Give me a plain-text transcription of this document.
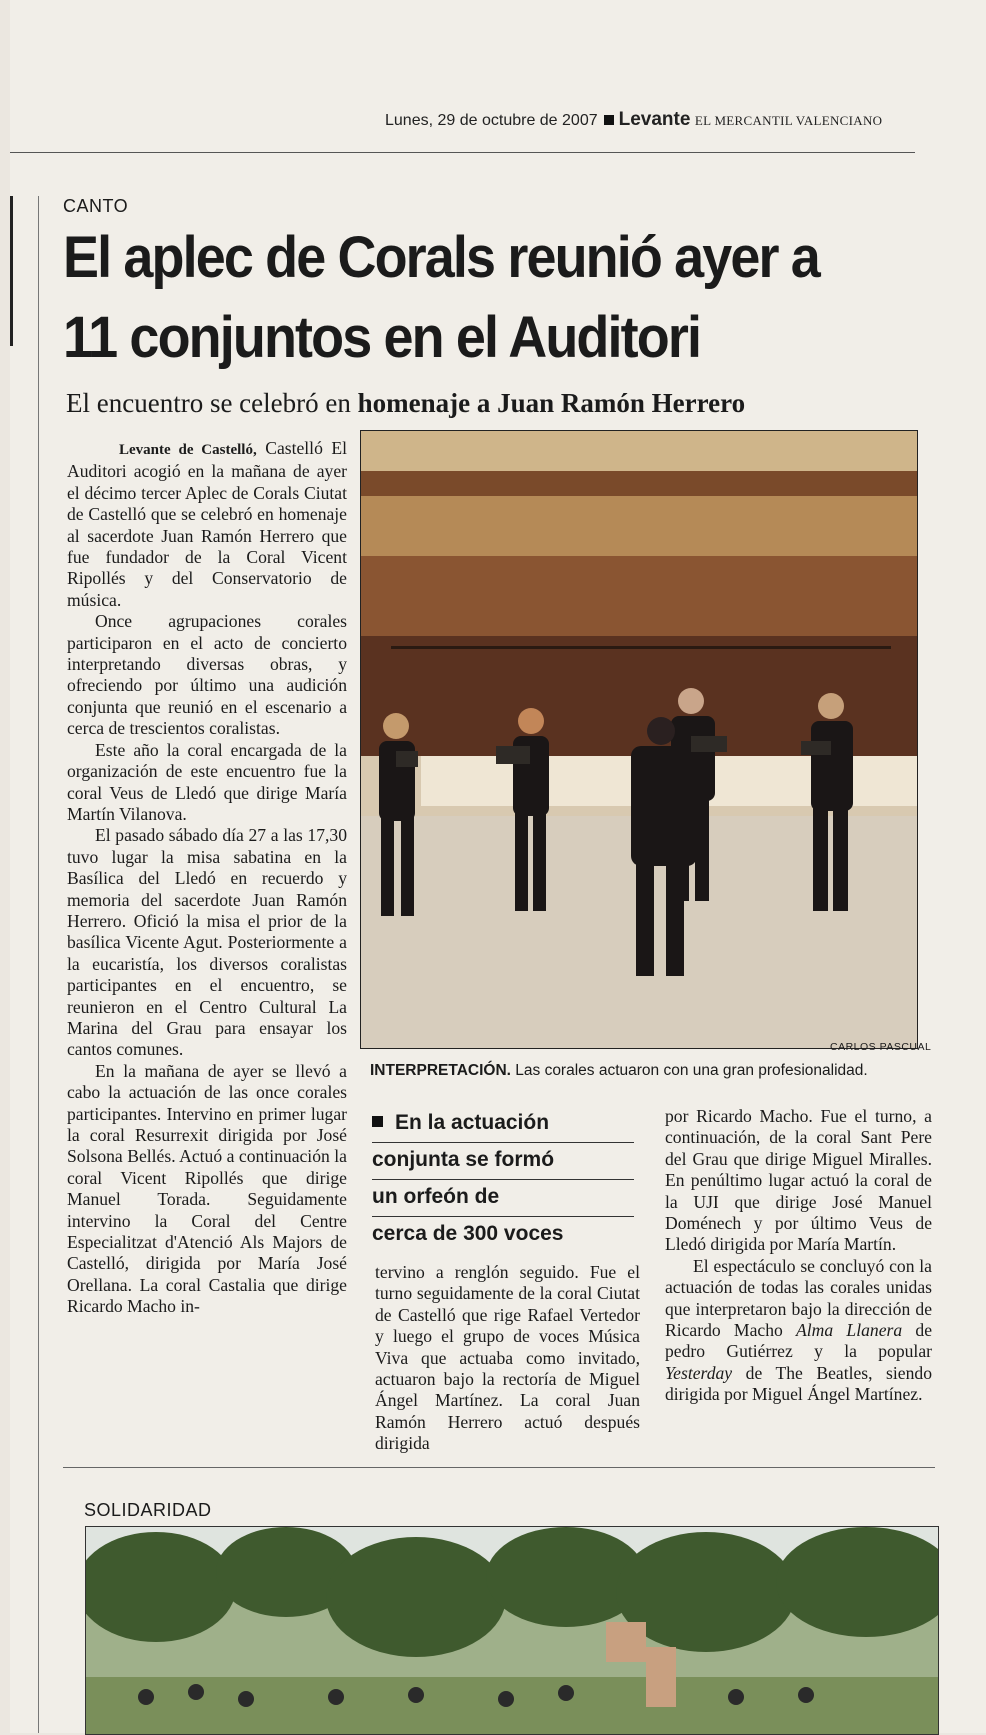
Lunes, 29 de octubre de 2007 Levante EL MERCANTIL VALENCIANO
CANTO
El aplec de Corals reunió ayer a 11 conjuntos en el Auditori
El encuentro se celebró en homenaje a Juan Ramón Herrero

Levante de Castelló, Castelló El Auditori acogió en la mañana de ayer el décimo tercer Aplec de Corals Ciutat de Castelló que se celebró en homenaje al sacerdote Juan Ramón Herrero que fue fundador de la Coral Vicent Ripollés y del Conservatorio de música.

Once agrupaciones corales participaron en el acto de concierto interpretando diversas obras, y ofreciendo por último una audición conjunta que reunió en el escenario a cerca de trescientos coralistas.

Este año la coral encargada de la organización de este encuentro fue la coral Veus de Lledó que dirige María Martín Vilanova.

El pasado sábado día 27 a las 17,30 tuvo lugar la misa sabatina en la Basílica del Lledó en recuerdo y memoria del sacerdote Juan Ramón Herrero. Ofició la misa el prior de la basílica Vicente Agut. Posteriormente a la eucaristía, los diversos coralistas participantes en el encuentro, se reunieron en el Centro Cultural La Marina del Grau para ensayar los cantos comunes.

En la mañana de ayer se llevó a cabo la actuación de las once corales participantes. Intervino en primer lugar la coral Resurrexit dirigida por José Solsona Bellés. Actuó a continuación la coral Vicent Ripollés que dirige Manuel Torada. Seguidamente intervino la Coral del Centre Especialitzat d'Atenció Als Majors de Castelló, dirigida por María José Orellana. La coral Castalia que dirige Ricardo Macho in-

CARLOS PASCUAL
INTERPRETACIÓN. Las corales actuaron con una gran profesionalidad.
En la actuación
conjunta se formó
un orfeón de
cerca de 300 voces

tervino a renglón seguido. Fue el turno seguidamente de la coral Ciutat de Castelló que rige Rafael Vertedor y luego el grupo de voces Música Viva que actuaba como invitado, actuaron bajo la rectoría de Miguel Ángel Martínez. La coral Juan Ramón Herrero actuó después dirigida

por Ricardo Macho. Fue el turno, a continuación, de la coral Sant Pere del Grau que dirige Miguel Miralles. En penúltimo lugar actuó la coral de la UJI que dirige José Manuel Doménech y por último Veus de Lledó dirigida por María Martín.

El espectáculo se concluyó con la actuación de todas las corales unidas que interpretaron bajo la dirección de Ricardo Macho Alma Llanera de pedro Gutiérrez y la popular Yesterday de The Beatles, siendo dirigida por Miguel Ángel Martínez.

SOLIDARIDAD
